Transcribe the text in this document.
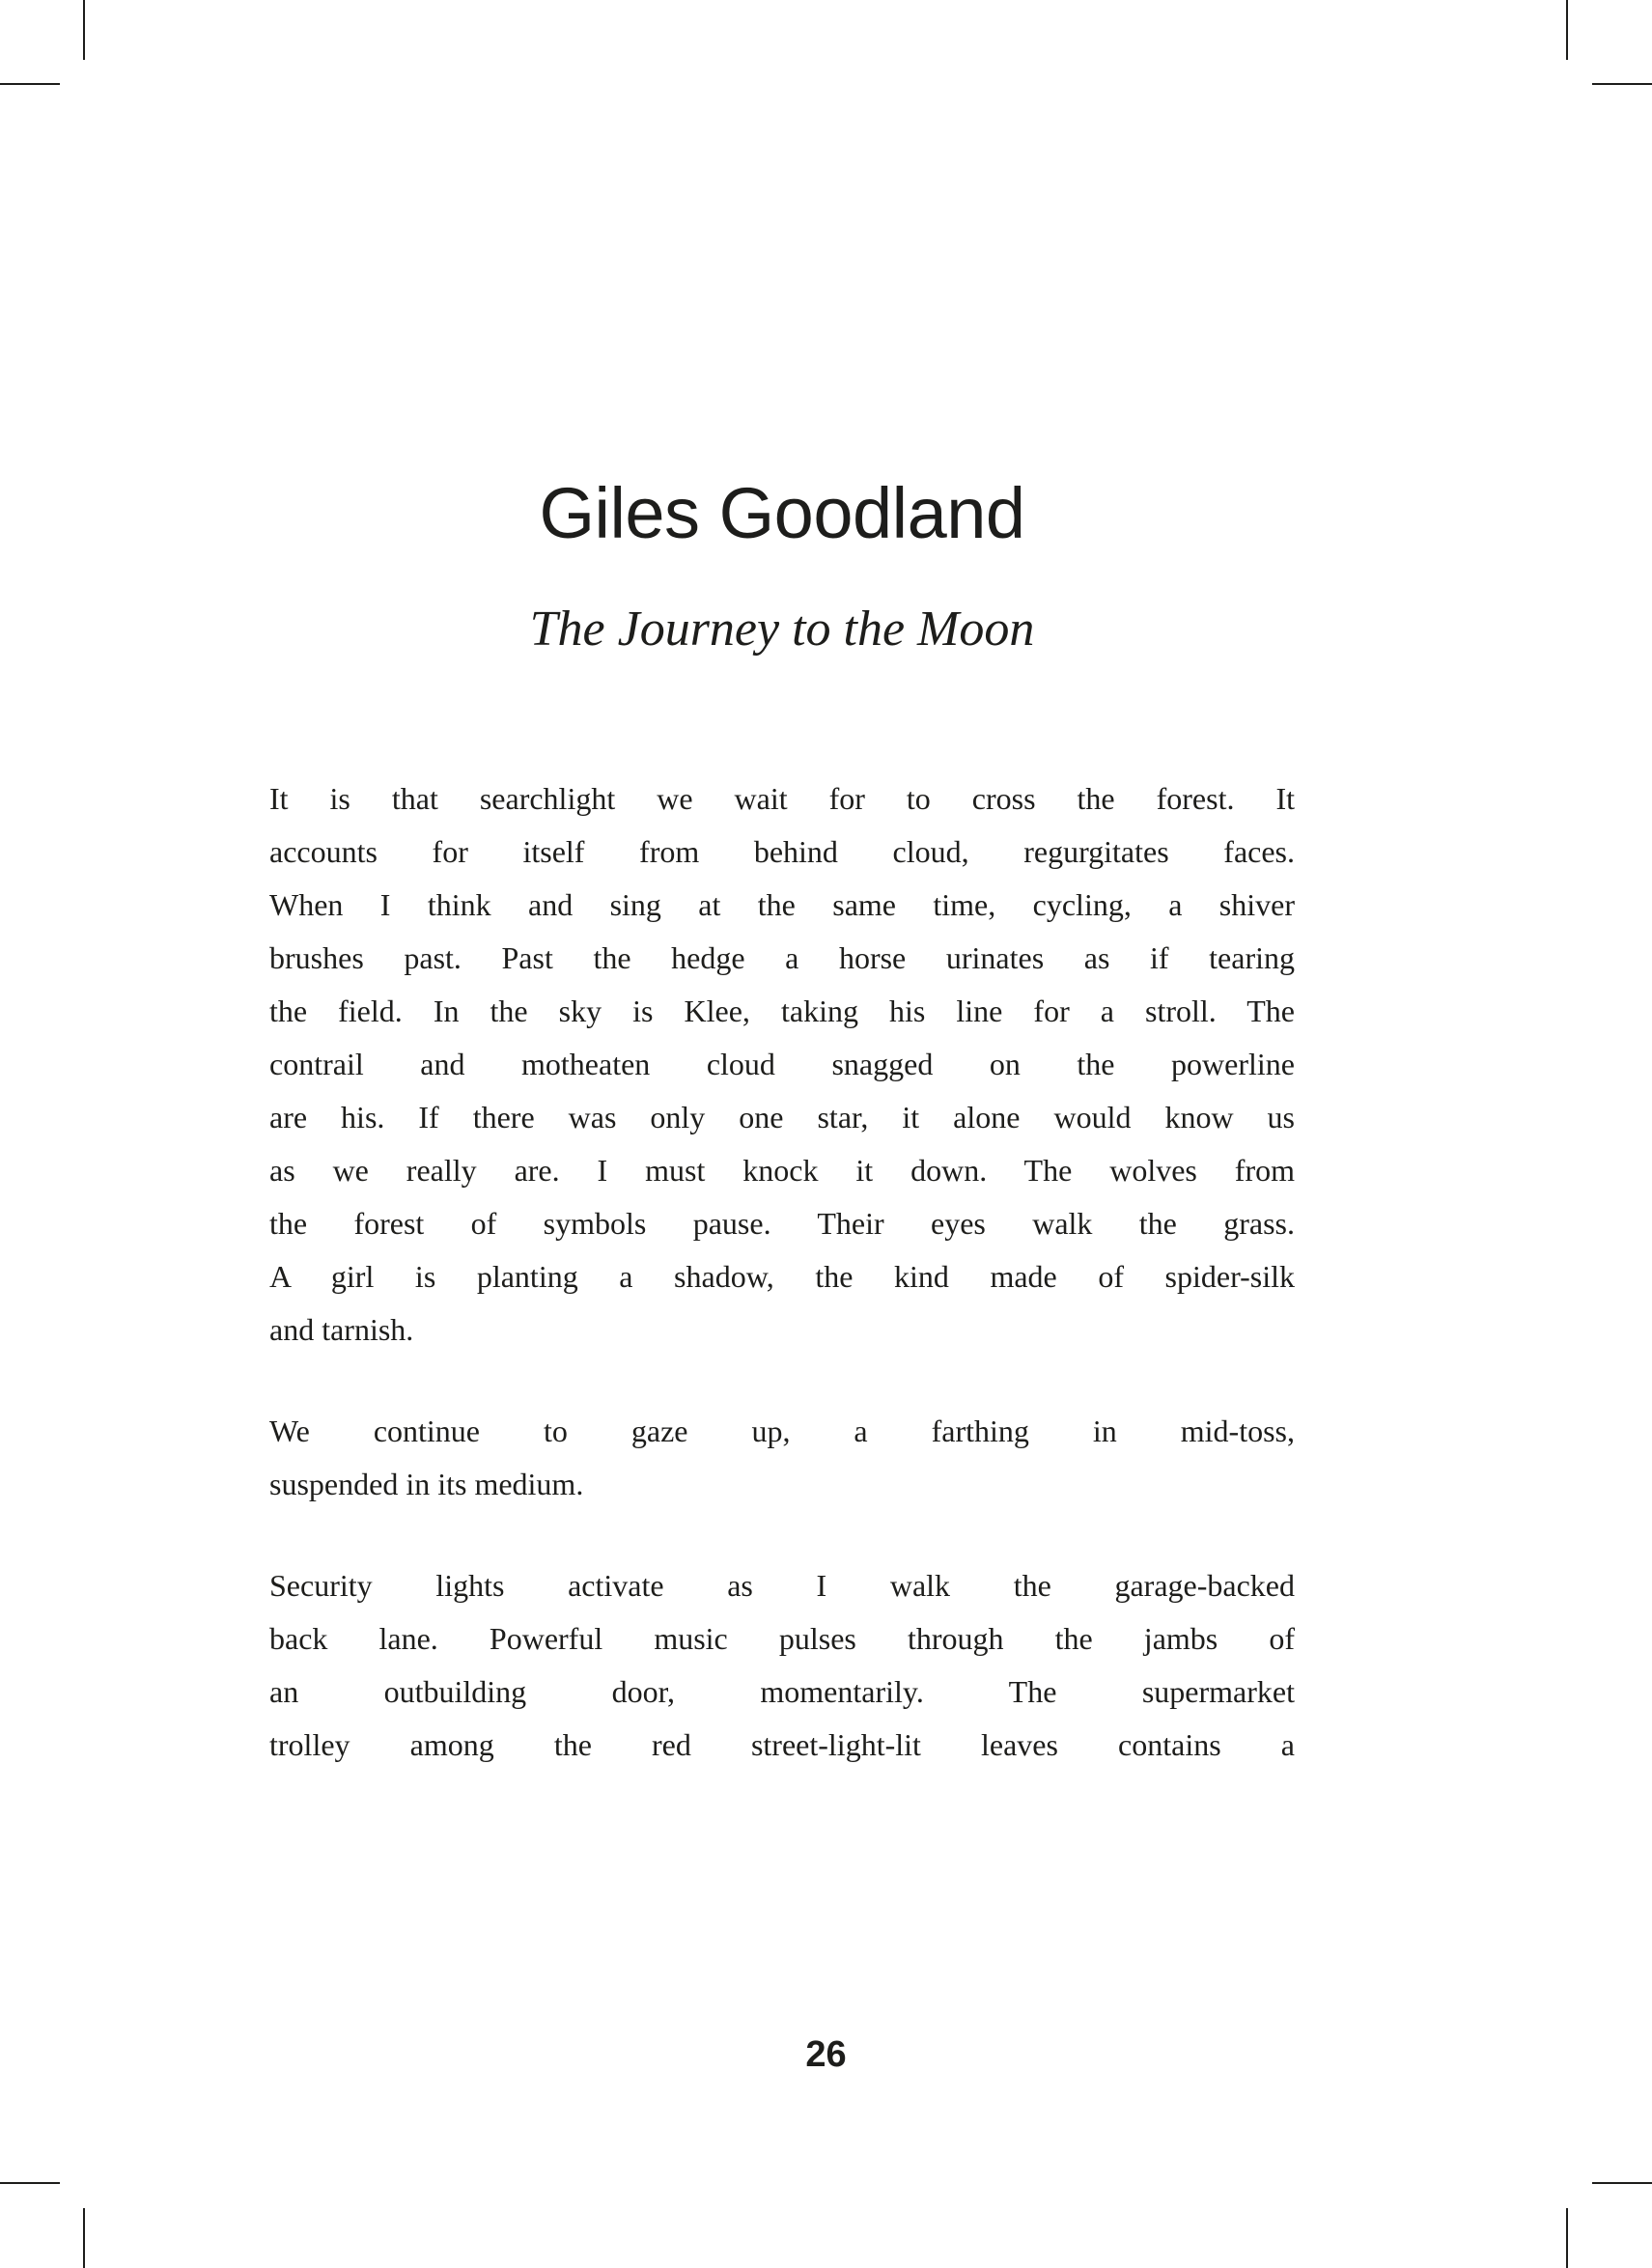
Giles Goodland
The Journey to the Moon
It is that searchlight we wait for to cross the forest. It
accounts for itself from behind cloud, regurgitates faces.
When I think and sing at the same time, cycling, a shiver
brushes past. Past the hedge a horse urinates as if tearing
the field. In the sky is Klee, taking his line for a stroll. The
contrail and motheaten cloud snagged on the powerline
are his. If there was only one star, it alone would know us
as we really are. I must knock it down. The wolves from
the forest of symbols pause. Their eyes walk the grass.
A girl is planting a shadow, the kind made of spider-silk
and tarnish.
We continue to gaze up, a farthing in mid-toss,
suspended in its medium.
Security lights activate as I walk the garage-backed
back lane. Powerful music pulses through the jambs of
an outbuilding door, momentarily. The supermarket
trolley among the red street-light-lit leaves contains a
26
